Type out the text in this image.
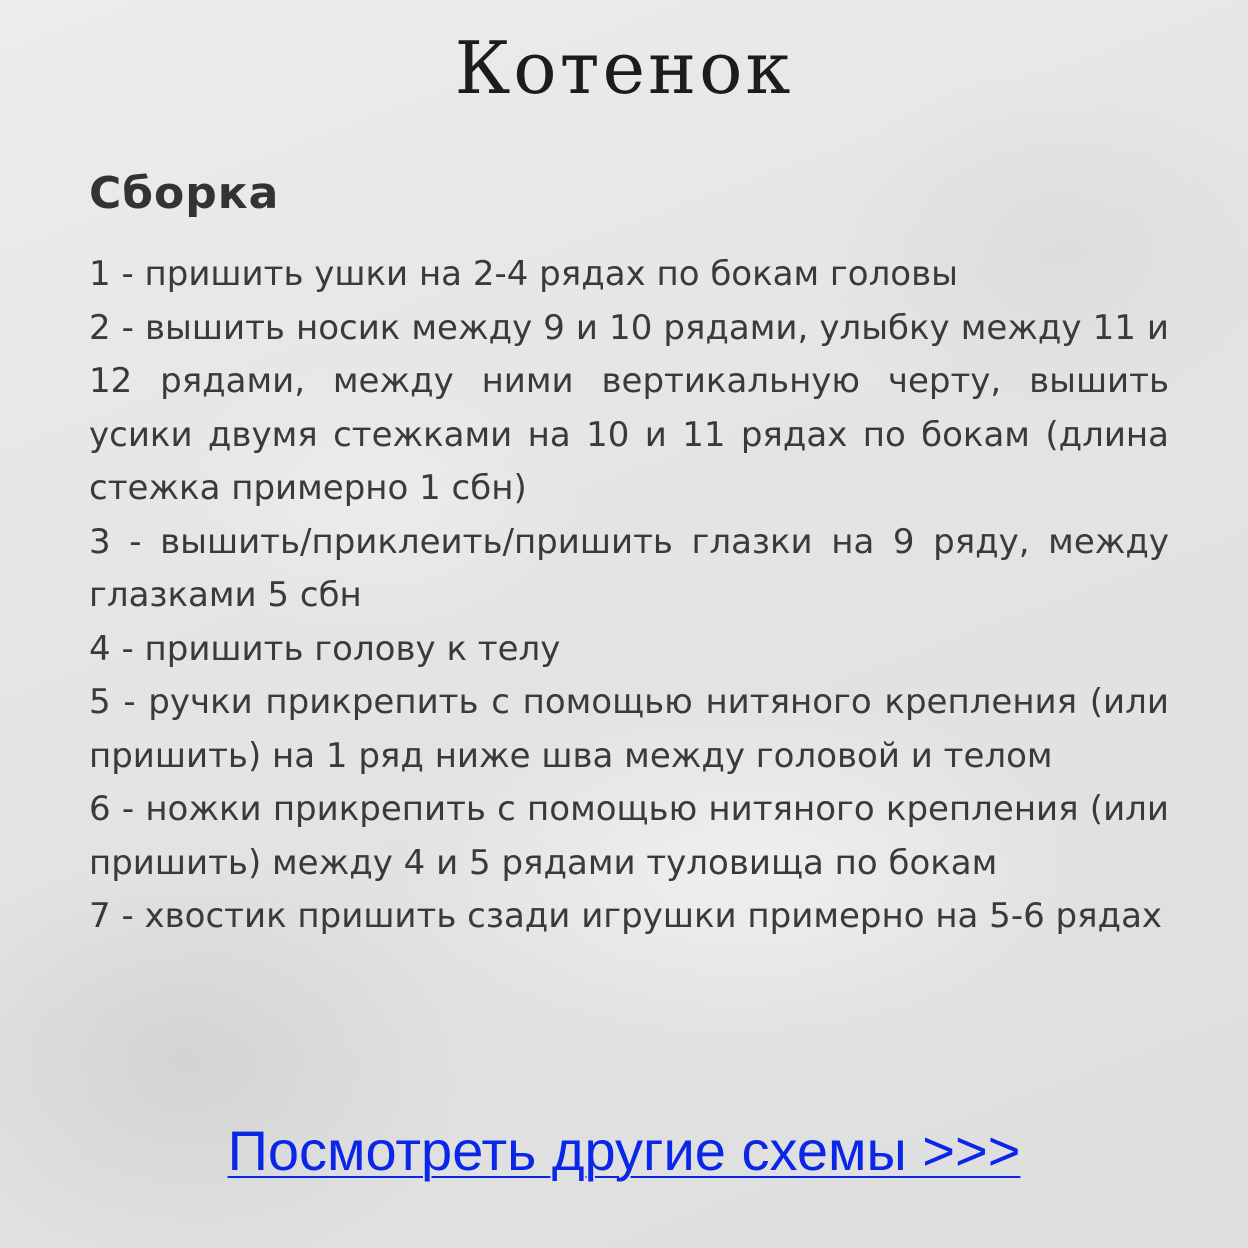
Котенок
Сборка
1 - пришить ушки на 2-4 рядах по бокам головы
2 - вышить носик между 9 и 10 рядами, улыбку между 11 и 12 рядами, между ними вертикальную черту, вышить усики двумя стежками на 10 и 11 рядах по бокам (длина стежка примерно 1 сбн)
3 - вышить/приклеить/пришить глазки на 9 ряду, между глазками 5 сбн
4 - пришить голову к телу
5 - ручки прикрепить с помощью нитяного крепления (или пришить) на 1 ряд ниже шва между головой и телом
6 - ножки прикрепить с помощью нитяного крепления (или пришить) между 4 и 5 рядами туловища по бокам
7 - хвостик пришить сзади игрушки примерно на 5-6 рядах
Посмотреть другие схемы >>>
